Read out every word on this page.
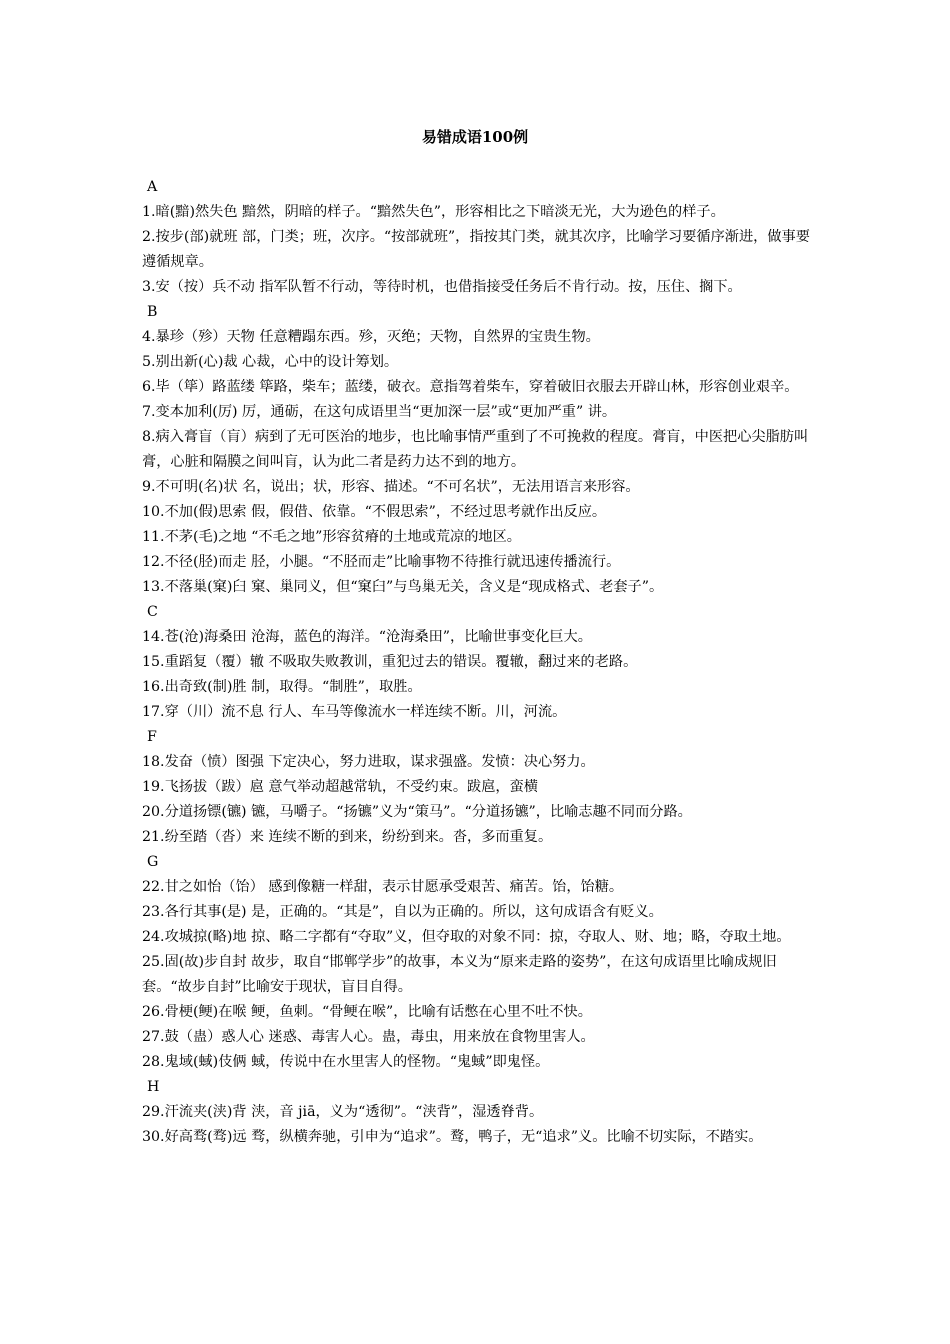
易错成语100例
A
1.暗(黯)然失色 黯然，阴暗的样子。“黯然失色”，形容相比之下暗淡无光，大为逊色的样子。
2.按步(部)就班 部，门类；班，次序。“按部就班”，指按其门类，就其次序，比喻学习要循序渐进，做事要遵循规章。
3.安（按）兵不动 指军队暂不行动，等待时机，也借指接受任务后不肯行动。按，压住、搁下。
B
4.暴珍（殄）天物 任意糟蹋东西。殄，灭绝；天物，自然界的宝贵生物。
5.别出新(心)裁 心裁，心中的设计筹划。
6.毕（筚）路蓝缕 筚路，柴车；蓝缕，破衣。意指驾着柴车，穿着破旧衣服去开辟山林，形容创业艰辛。
7.变本加利(厉) 厉，通砺，在这句成语里当“更加深一层”或“更加严重” 讲。
8.病入膏盲（肓）病到了无可医治的地步，也比喻事情严重到了不可挽救的程度。膏肓，中医把心尖脂肪叫膏，心脏和隔膜之间叫肓，认为此二者是药力达不到的地方。
9.不可明(名)状 名，说出；状，形容、描述。“不可名状”，无法用语言来形容。
10.不加(假)思索 假，假借、依靠。“不假思索”，不经过思考就作出反应。
11.不茅(毛)之地 “不毛之地”形容贫瘠的土地或荒凉的地区。
12.不径(胫)而走 胫，小腿。“不胫而走”比喻事物不待推行就迅速传播流行。
13.不落巢(窠)臼 窠、巢同义，但“窠臼”与鸟巢无关，含义是“现成格式、老套子”。
C
14.苍(沧)海桑田 沧海，蓝色的海洋。“沧海桑田”，比喻世事变化巨大。
15.重蹈复（覆）辙 不吸取失败教训，重犯过去的错误。覆辙，翻过来的老路。
16.出奇致(制)胜 制，取得。“制胜”，取胜。
17.穿（川）流不息 行人、车马等像流水一样连续不断。川，河流。
F
18.发奋（愤）图强 下定决心，努力进取，谋求强盛。发愤：决心努力。
19.飞扬拔（跋）扈 意气举动超越常轨，不受约束。跋扈，蛮横
20.分道扬镖(镳) 镳，马嚼子。“扬镳”义为“策马”。“分道扬镳”，比喻志趣不同而分路。
21.纷至踏（沓）来 连续不断的到来，纷纷到来。沓，多而重复。
G
22.甘之如怡（饴） 感到像糖一样甜，表示甘愿承受艰苦、痛苦。饴，饴糖。
23.各行其事(是) 是，正确的。“其是”，自以为正确的。所以，这句成语含有贬义。
24.攻城掠(略)地 掠、略二字都有“夺取”义，但夺取的对象不同：掠，夺取人、财、地；略，夺取土地。
25.固(故)步自封 故步，取自“邯郸学步”的故事，本义为“原来走路的姿势”，在这句成语里比喻成规旧套。“故步自封”比喻安于现状，盲目自得。
26.骨梗(鲠)在喉 鲠，鱼刺。“骨鲠在喉”，比喻有话憋在心里不吐不快。
27.鼓（蛊）惑人心 迷惑、毒害人心。蛊，毒虫，用来放在食物里害人。
28.鬼域(蜮)伎俩 蜮，传说中在水里害人的怪物。“鬼蜮”即鬼怪。
H
29.汗流夹(浃)背 浃，音 jiā，义为“透彻”。“浃背”，湿透脊背。
30.好高骛(骛)远 骛，纵横奔驰，引申为“追求”。鹜，鸭子，无“追求”义。比喻不切实际，不踏实。
